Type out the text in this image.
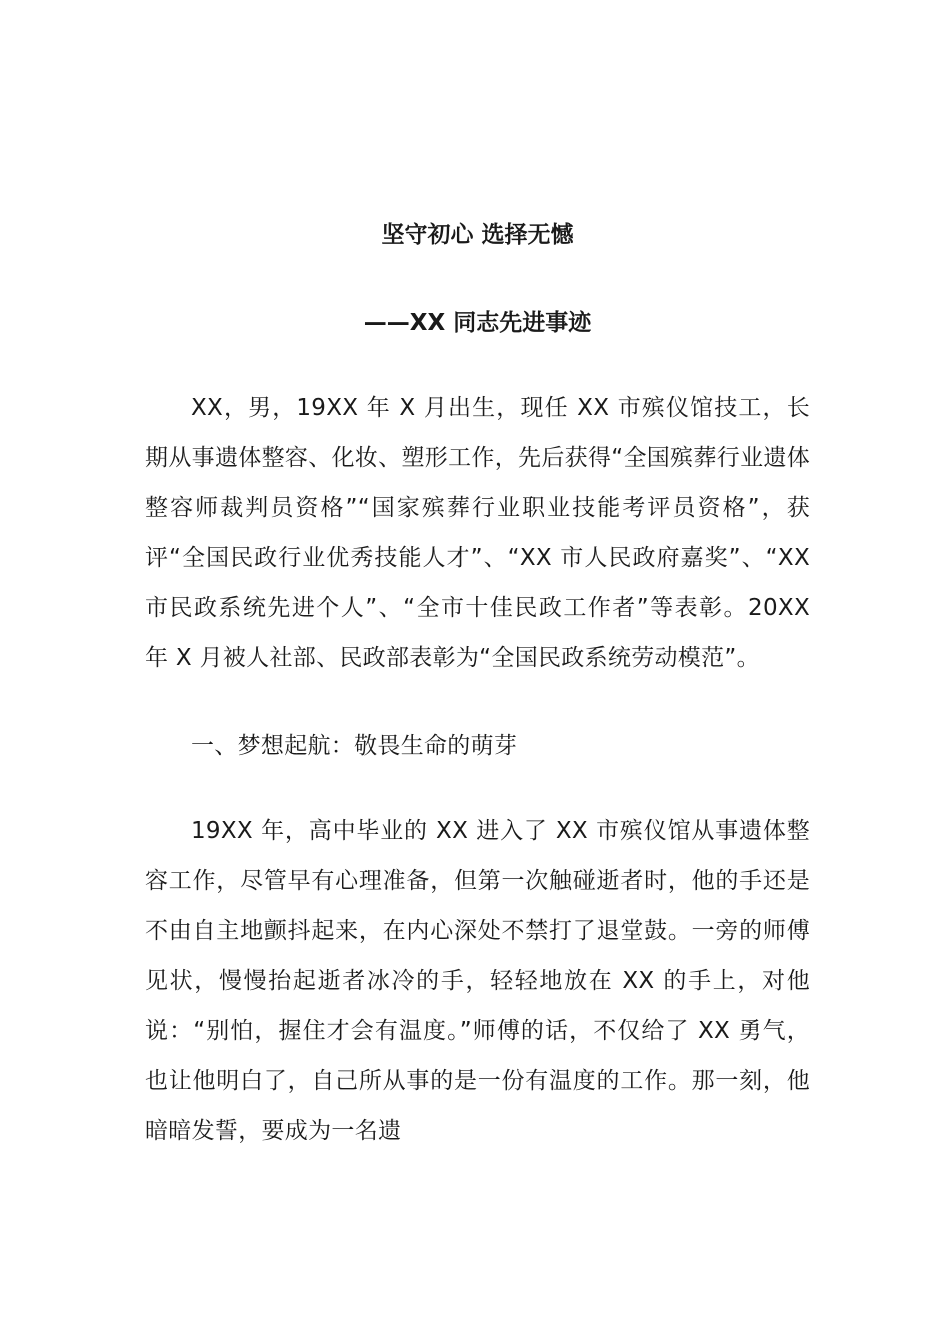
坚守初心 选择无憾
——XX 同志先进事迹

XX，男，19XX 年 X 月出生，现任 XX 市殡仪馆技工，长期从事遗体整容、化妆、塑形工作，先后获得“全国殡葬行业遗体整容师裁判员资格”“国家殡葬行业职业技能考评员资格”，获评“全国民政行业优秀技能人才”、“XX 市人民政府嘉奖”、“XX 市民政系统先进个人”、“全市十佳民政工作者”等表彰。20XX 年 X 月被人社部、民政部表彰为“全国民政系统劳动模范”。

一、梦想起航：敬畏生命的萌芽

19XX 年，高中毕业的 XX 进入了 XX 市殡仪馆从事遗体整容工作，尽管早有心理准备，但第一次触碰逝者时，他的手还是不由自主地颤抖起来，在内心深处不禁打了退堂鼓。一旁的师傅见状，慢慢抬起逝者冰冷的手，轻轻地放在 XX 的手上，对他说：“别怕，握住才会有温度。”师傅的话，不仅给了 XX 勇气，也让他明白了，自己所从事的是一份有温度的工作。那一刻，他暗暗发誓，要成为一名遗
